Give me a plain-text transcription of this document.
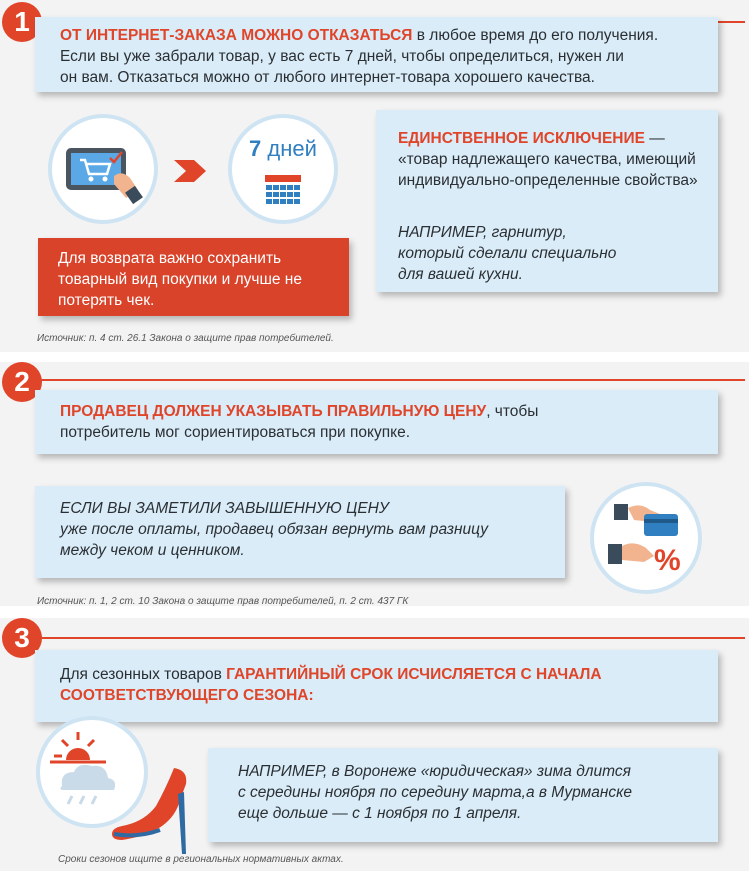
1	ОТ ИНТЕРНЕТ-ЗАКАЗА МОЖНО ОТКАЗАТЬСЯ в любое время до его получения.
Если вы уже забрали товар, у вас есть 7 дней, чтобы определиться, нужен ли
он вам. Отказаться можно от любого интернет-товара хорошего качества.
7 дней	ЕДИНСТВЕННОЕ ИСКЛЮЧЕНИЕ —
«товар надлежащего качества, имеющий индивидуально-определенные свойства»
НАПРИМЕР, гарнитур,
который сделали специально
для вашей кухни.
Для возврата важно сохранить товарный вид покупки и лучше не потерять чек.
Источник: п. 4 ст. 26.1 Закона о защите прав потребителей.
2
ПРОДАВЕЦ ДОЛЖЕН УКАЗЫВАТЬ ПРАВИЛЬНУЮ ЦЕНУ, чтобы
потребитель мог сориентироваться при покупке.
ЕСЛИ ВЫ ЗАМЕТИЛИ ЗАВЫШЕННУЮ ЦЕНУ
уже после оплаты, продавец обязан вернуть вам разницу
между чеком и ценником.	%
Источник: п. 1, 2 ст. 10 Закона о защите прав потребителей, п. 2 ст. 437 ГК
3
Для сезонных товаров ГАРАНТИЙНЫЙ СРОК ИСЧИСЛЯЕТСЯ С НАЧАЛА
СООТВЕТСТВУЮЩЕГО СЕЗОНА:
НАПРИМЕР, в Воронеже «юридическая» зима длится
с середины ноября по середину марта,а в Мурманске
еще дольше — с 1 ноября по 1 апреля.
Сроки сезонов ищите в региональных нормативных актах.
